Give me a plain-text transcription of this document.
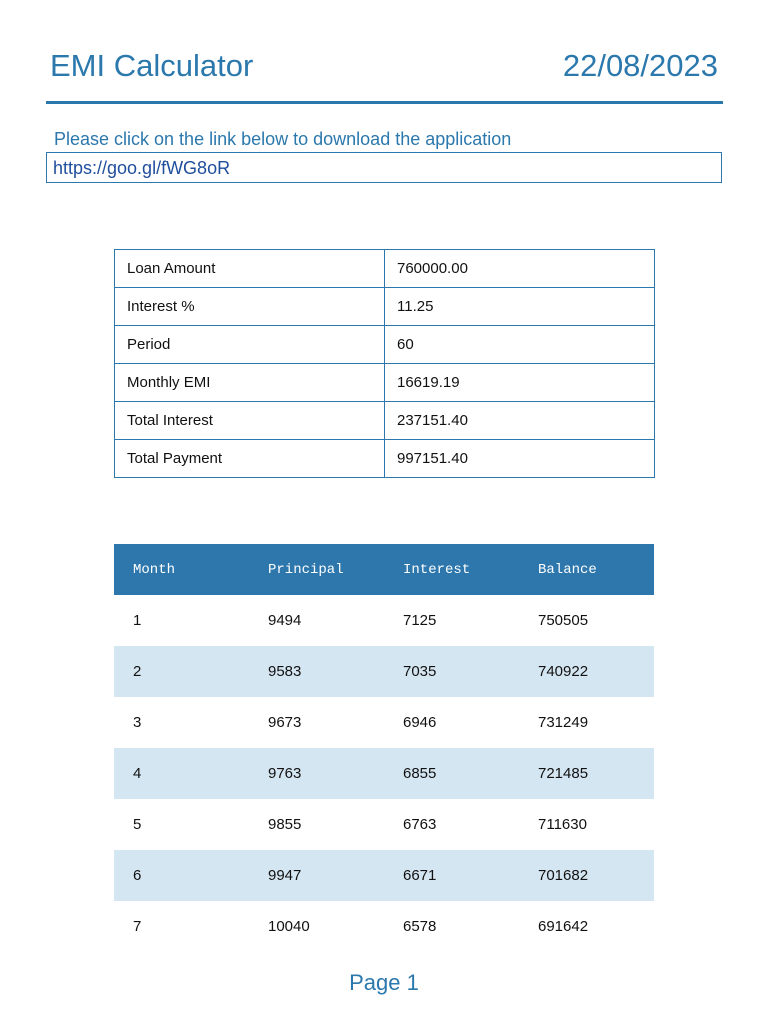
EMI Calculator	22/08/2023
Please click on the link below to download the application
https://goo.gl/fWG8oR
Loan Amount	760000.00
Interest %	11.25
Period	60
Monthly EMI	16619.19
Total Interest	237151.40
Total Payment	997151.40
Month	Principal	Interest	Balance
1	9494	7125	750505
2	9583	7035	740922
3	9673	6946	731249
4	9763	6855	721485
5	9855	6763	711630
6	9947	6671	701682
7	10040	6578	691642
Page 1
